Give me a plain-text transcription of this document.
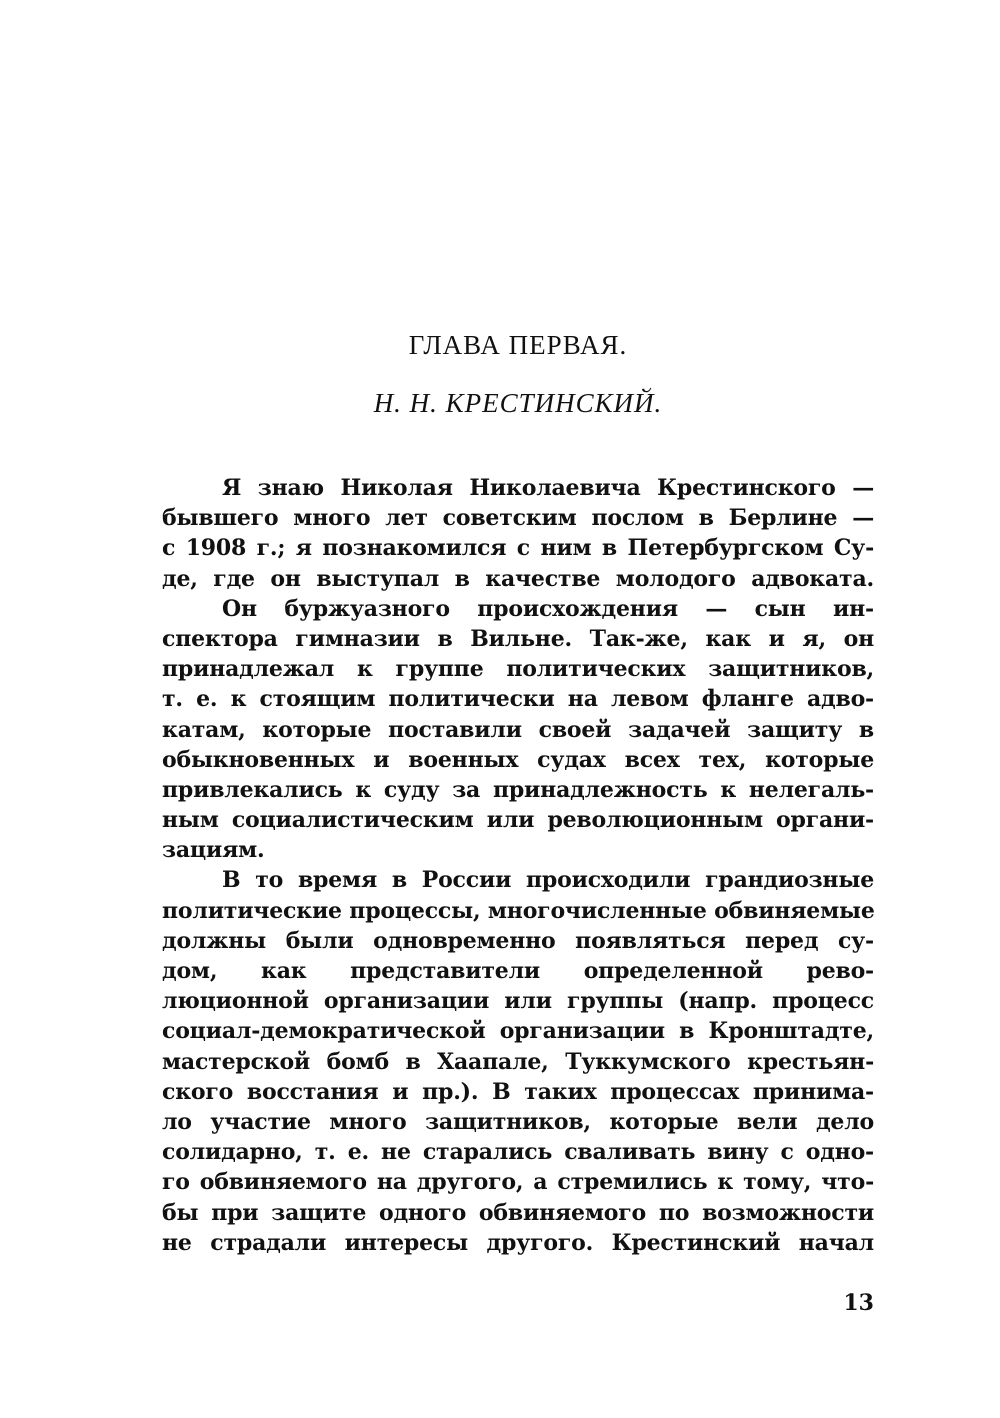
ГЛАВА ПЕРВАЯ.
Н. Н. КРЕСТИНСКИЙ.
Я знаю Николая Николаевича Крестинского —
бывшего много лет советским послом в Берлине —
с 1908 г.; я познакомился с ним в Петербургском Су-
де, где он выступал в качестве молодого адвоката.
Он буржуазного происхождения — сын ин-
спектора гимназии в Вильне. Так-же, как и я, он
принадлежал к группе политических защитников,
т. е. к стоящим политически на левом фланге адво-
катам, которые поставили своей задачей защиту в
обыкновенных и военных судах всех тех, которые
привлекались к суду за принадлежность к нелегаль-
ным социалистическим или революционным органи-
зациям.
В то время в России происходили грандиозные
политические процессы, многочисленные обвиняемые
должны были одновременно появляться перед су-
дом, как представители определенной рево-
люционной организации или группы (напр. процесс
социал-демократической организации в Кронштадте,
мастерской бомб в Хаапале, Туккумского крестьян-
ского восстания и пр.). В таких процессах принима-
ло участие много защитников, которые вели дело
солидарно, т. е. не старались сваливать вину с одно-
го обвиняемого на другого, а стремились к тому, что-
бы при защите одного обвиняемого по возможности
не страдали интересы другого. Крестинский начал
13
